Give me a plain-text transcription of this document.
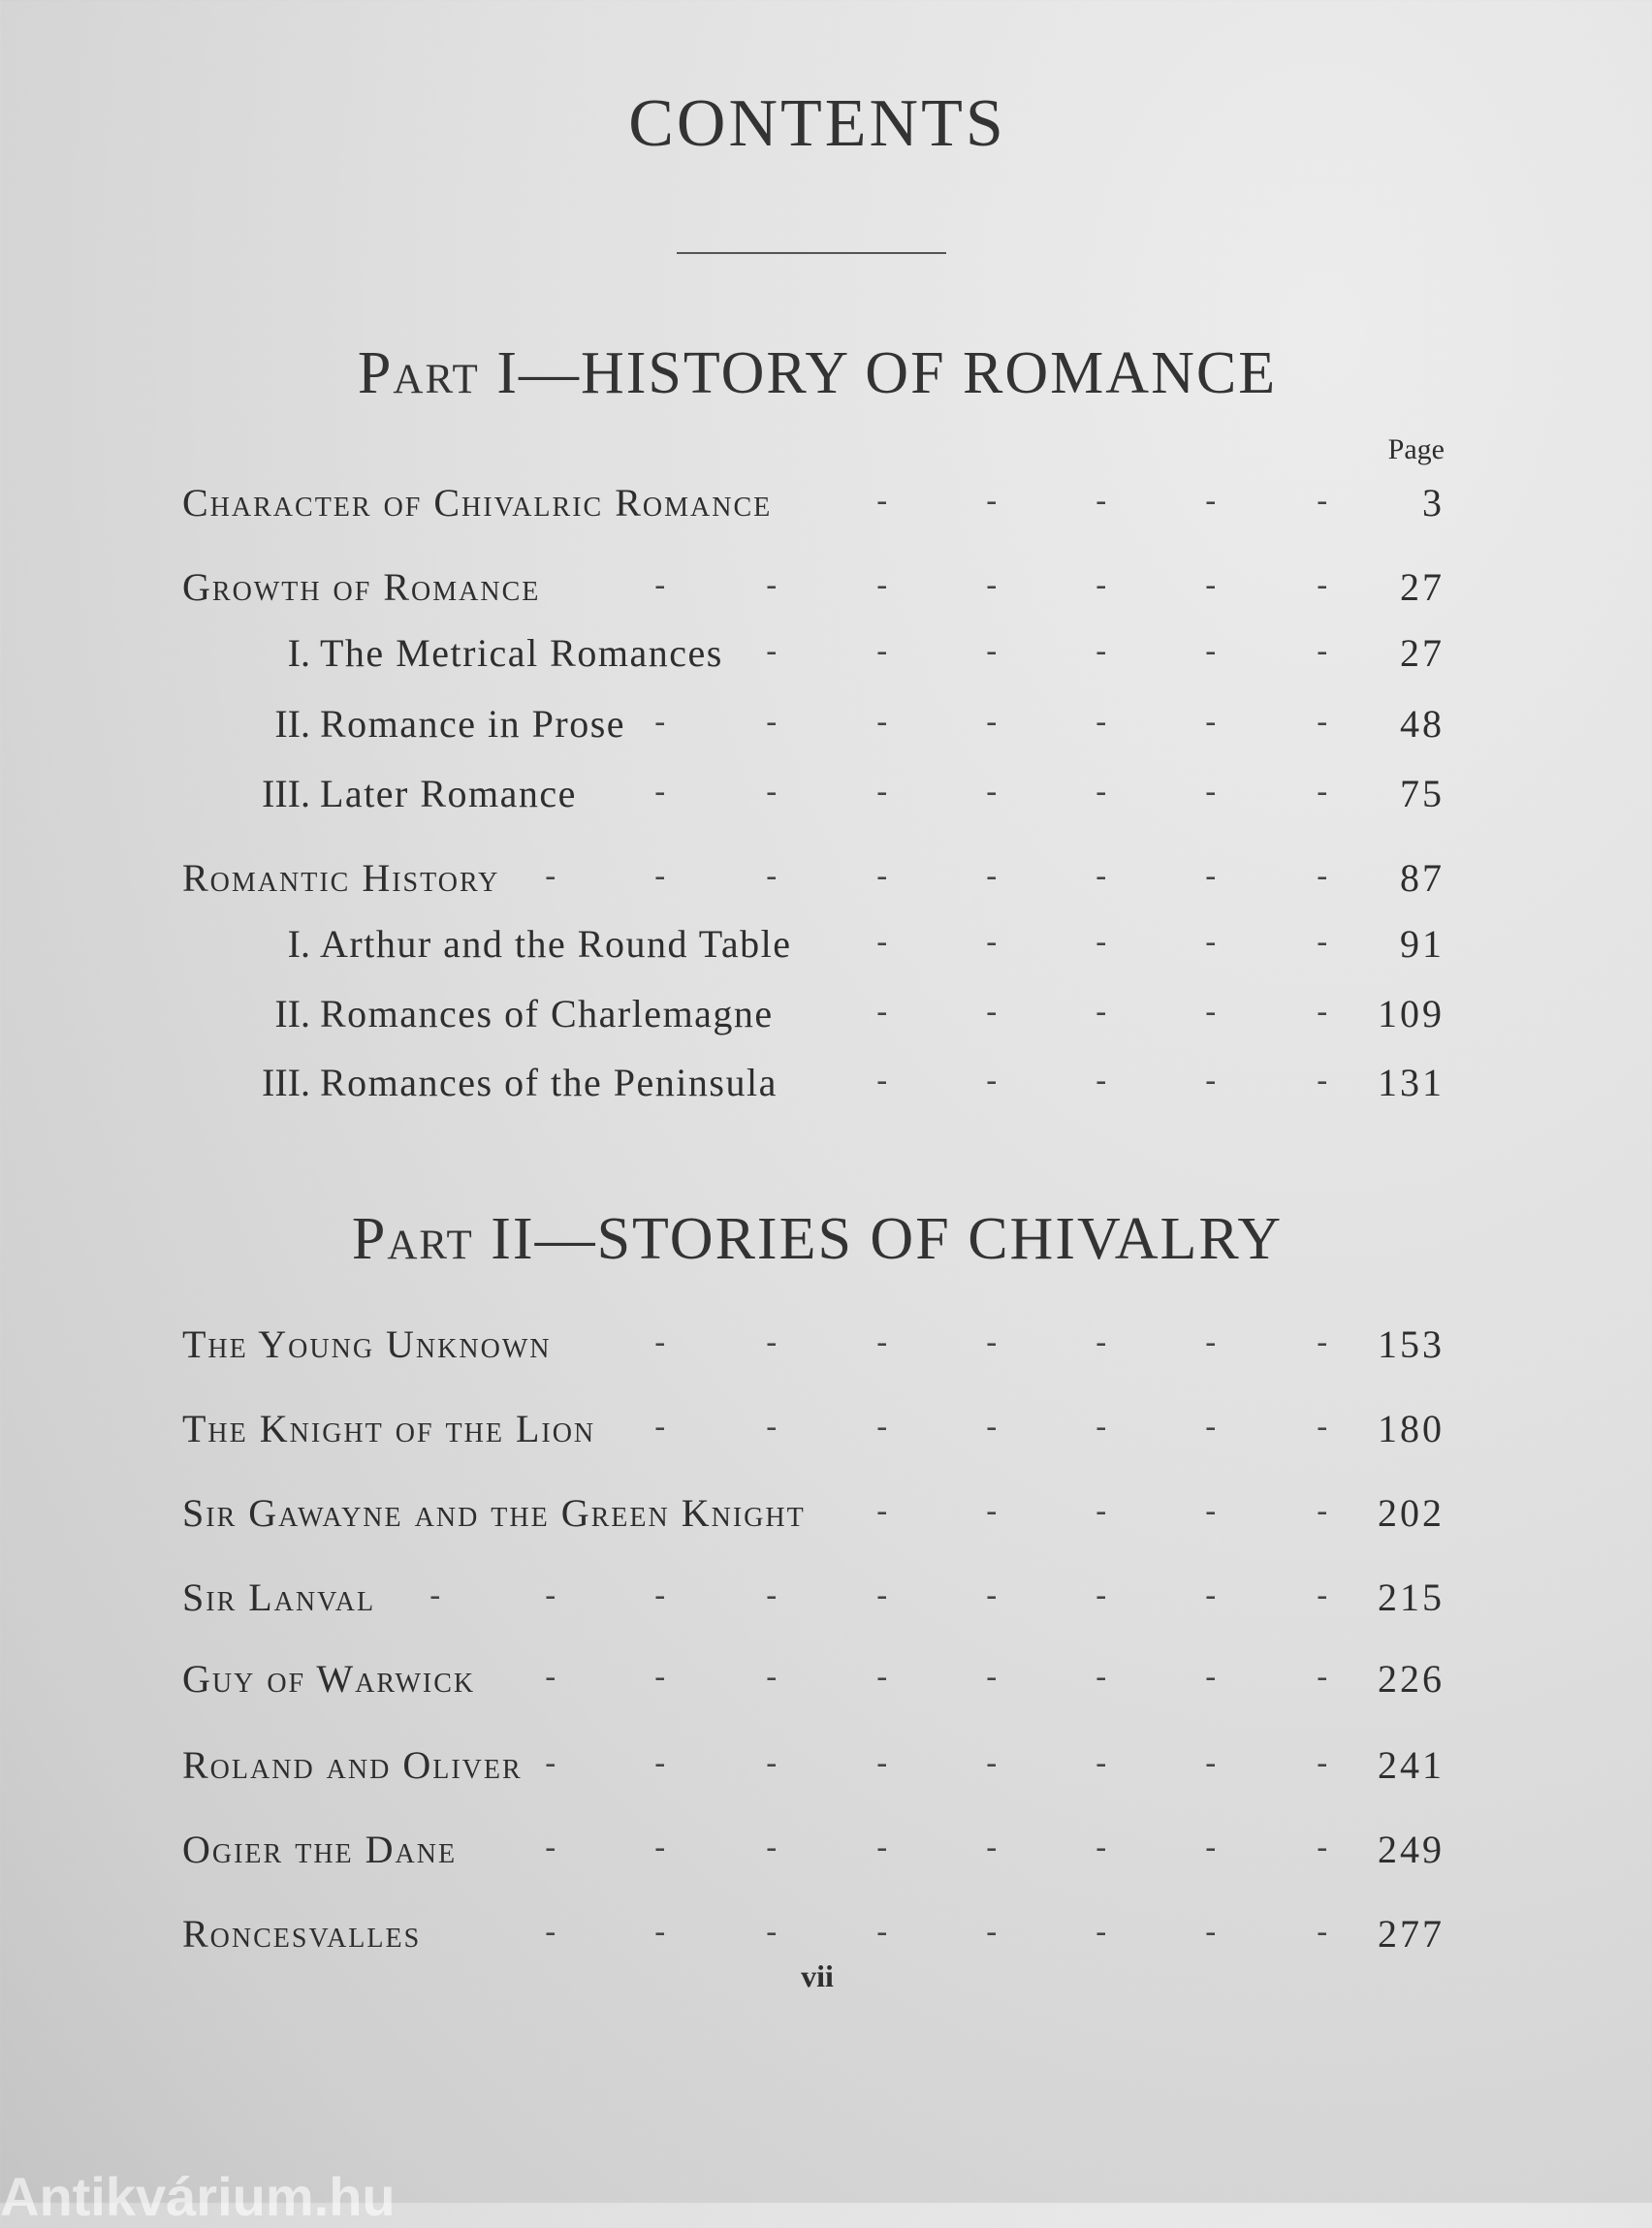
CONTENTS
Part I—HISTORY OF ROMANCE
Page
Character of Chivalric Romance	3
-	-	-	-	-
Growth of Romance	27
-	-	-	-	-	-	-
I. The Metrical Romances	27
-	-	-	-	-	-
II. Romance in Prose	48
-	-	-	-	-	-	-
III. Later Romance	75
-	-	-	-	-	-	-
Romantic History	87
-	-	-	-	-	-	-	-
I. Arthur and the Round Table	91
-	-	-	-	-
II. Romances of Charlemagne	109
-	-	-	-	-
III. Romances of the Peninsula	131
-	-	-	-	-
Part II—STORIES OF CHIVALRY
The Young Unknown	153
-	-	-	-	-	-	-
The Knight of the Lion	180
-	-	-	-	-	-	-
Sir Gawayne and the Green Knight	202
-	-	-	-	-
Sir Lanval	215
-	-	-	-	-	-	-	-	-
Guy of Warwick	226
-	-	-	-	-	-	-	-
Roland and Oliver	241
-	-	-	-	-	-	-	-
Ogier the Dane	249
-	-	-	-	-	-	-	-
Roncesvalles	277
-	-	-	-	-	-	-	-
vii
Antikvárium.hu
